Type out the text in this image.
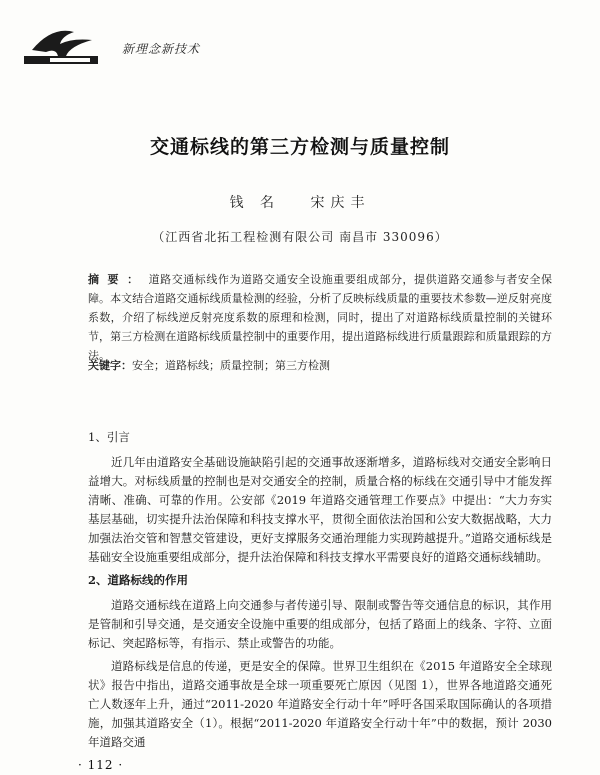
新理念新技术
交通标线的第三方检测与质量控制
钱 名 宋庆丰
（江西省北拓工程检测有限公司 南昌市 330096）
摘要： 道路交通标线作为道路交通安全设施重要组成部分，提供道路交通参与者安全保障。本文结合道路交通标线质量检测的经验，分析了反映标线质量的重要技术参数—逆反射亮度系数，介绍了标线逆反射亮度系数的原理和检测，同时，提出了对道路标线质量控制的关键环节，第三方检测在道路标线质量控制中的重要作用，提出道路标线进行质量跟踪和质量跟踪的方法。
关键字：安全；道路标线；质量控制；第三方检测
1、引言

近几年由道路安全基础设施缺陷引起的交通事故逐渐增多，道路标线对交通安全影响日益增大。对标线质量的控制也是对交通安全的控制，质量合格的标线在交通引导中才能发挥清晰、准确、可靠的作用。公安部《2019 年道路交通管理工作要点》中提出：“大力夯实基层基础，切实提升法治保障和科技支撑水平，贯彻全面依法治国和公安大数据战略，大力加强法治交管和智慧交管建设，更好支撑服务交通治理能力实现跨越提升。”道路交通标线是基础安全设施重要组成部分，提升法治保障和科技支撑水平需要良好的道路交通标线辅助。

2、道路标线的作用

道路交通标线在道路上向交通参与者传递引导、限制或警告等交通信息的标识，其作用是管制和引导交通，是交通安全设施中重要的组成部分，包括了路面上的线条、字符、立面标记、突起路标等，有指示、禁止或警告的功能。

道路标线是信息的传递，更是安全的保障。世界卫生组织在《2015 年道路安全全球现状》报告中指出，道路交通事故是全球一项重要死亡原因（见图 1），世界各地道路交通死亡人数逐年上升，通过“2011-2020 年道路安全行动十年”呼吁各国采取国际确认的各项措施，加强其道路安全（1）。根据“2011-2020 年道路安全行动十年”中的数据，预计 2030 年道路交通

· 112 ·
